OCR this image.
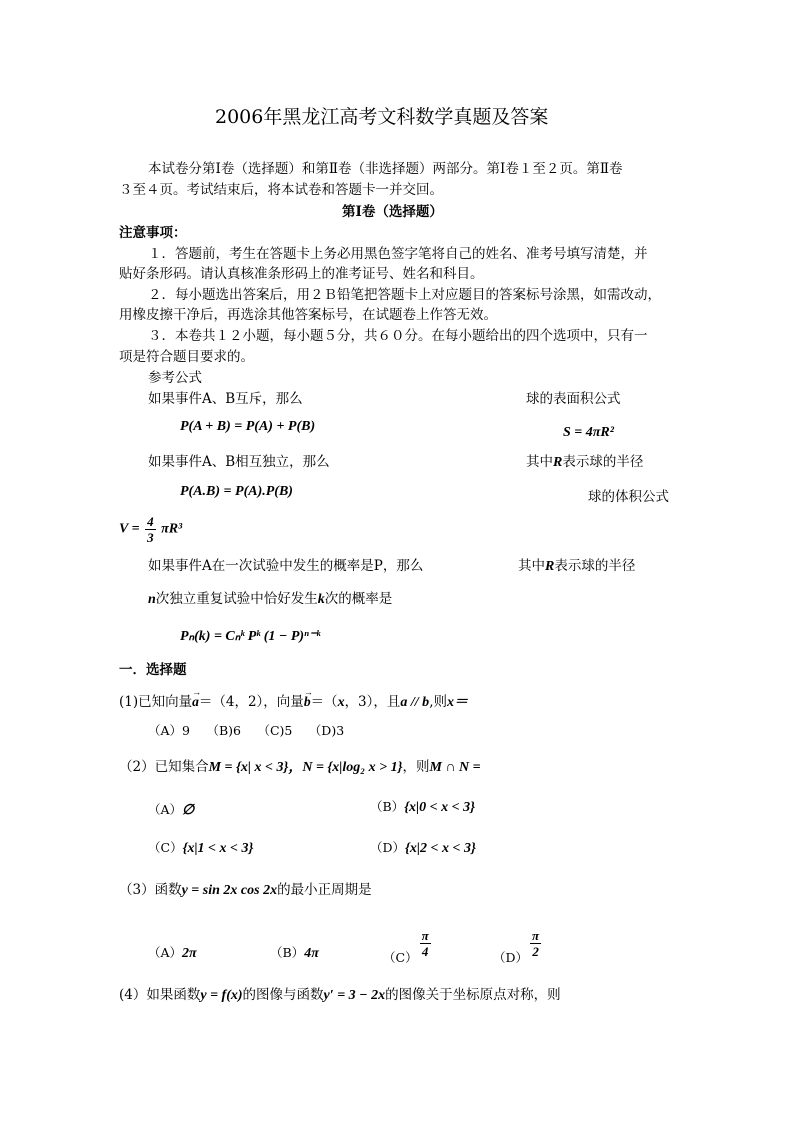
2006年黑龙江高考文科数学真题及答案
本试卷分第Ⅰ卷（选择题）和第Ⅱ卷（非选择题）两部分。第Ⅰ卷１至２页。第Ⅱ卷
３至４页。考试结束后，将本试卷和答题卡一并交回。
第Ⅰ卷（选择题）
注意事项：
１．答题前，考生在答题卡上务必用黑色签字笔将自己的姓名、准考号填写清楚，并
贴好条形码。请认真核准条形码上的准考证号、姓名和科目。
２．每小题选出答案后，用２Ｂ铅笔把答题卡上对应题目的答案标号涂黑，如需改动，
用橡皮擦干净后，再选涂其他答案标号，在试题卷上作答无效。
３．本卷共１２小题，每小题５分，共６０分。在每小题给出的四个选项中，只有一
项是符合题目要求的。
参考公式
如果事件A、B互斥，那么	球的表面积公式
P(A + B) = P(A) + P(B)	S = 4πR²
如果事件A、B相互独立，那么	其中R表示球的半径
P(A.B) = P(A).P(B)	球的体积公式
$V = \frac{4}{3} \pi R^3$
如果事件A在一次试验中发生的概率是P，那么	其中R表示球的半径
n次独立重复试验中恰好发生k次的概率是
Pₙ(k) = Cₙᵏ Pᵏ (1 − P)ⁿ⁻ᵏ
一．选择题
(1)已知向量→ a＝（4，2），向量→ b＝（x，3），且a // b,则x＝
（A）9　 （B)6　 （C)5　 （D)3
（2）已知集合M = {x| x < 3}，N = {x|log₂ x > 1}，则M ∩ N =
（A）∅	（B）{x|0 < x < 3}
（C）{x|1 < x < 3}	（D）{x|2 < x < 3}
（3）函数y = sin 2x cos 2x的最小正周期是
（A）2π	（B）4π	$(C) \frac{\pi}{4}$	$(D) \frac{\pi}{2}$
(4）如果函数y = f(x)的图像与函数y′ = 3 − 2x的图像关于坐标原点对称，则
